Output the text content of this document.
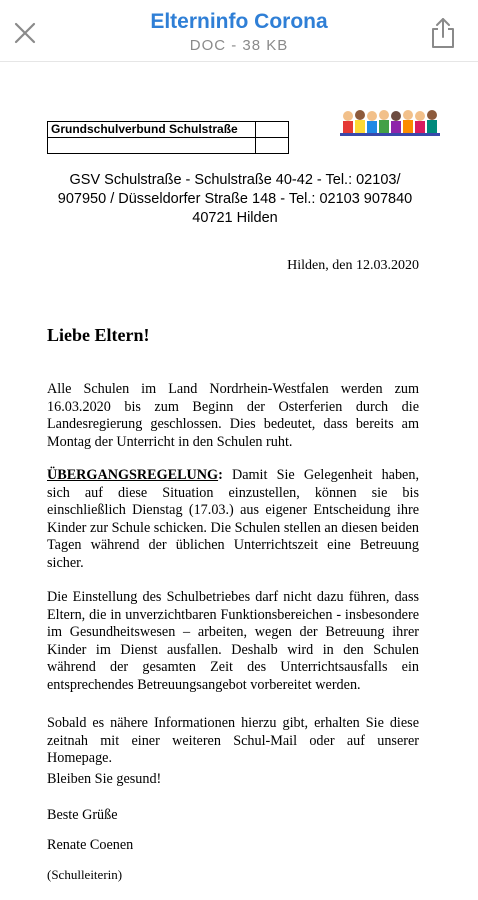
Elterninfo Corona
DOC - 38 KB
Grundschulverbund Schulstraße	

GSV Schulstraße - Schulstraße 40-42 - Tel.: 02103/ 907950 / Düsseldorfer Straße 148 - Tel.: 02103 907840 40721 Hilden
Hilden, den 12.03.2020
Liebe Eltern!
Alle Schulen im Land Nordrhein-Westfalen werden zum 16.03.2020 bis zum Beginn der Osterferien durch die Landesregierung geschlossen. Dies bedeutet, dass bereits am Montag der Unterricht in den Schulen ruht.
ÜBERGANGSREGELUNG: Damit Sie Gelegenheit haben, sich auf diese Situation einzustellen, können sie bis einschließlich Dienstag (17.03.) aus eigener Entscheidung ihre Kinder zur Schule schicken. Die Schulen stellen an diesen beiden Tagen während der üblichen Unterrichtszeit eine Betreuung sicher.
Die Einstellung des Schulbetriebes darf nicht dazu führen, dass Eltern, die in unverzichtbaren Funktionsbereichen - insbesondere im Gesundheitswesen – arbeiten, wegen der Betreuung ihrer Kinder im Dienst ausfallen. Deshalb wird in den Schulen während der gesamten Zeit des Unterrichtsausfalls ein entsprechendes Betreuungsangebot vorbereitet werden.
Sobald es nähere Informationen hierzu gibt, erhalten Sie diese zeitnah mit einer weiteren Schul-Mail oder auf unserer Homepage.
Bleiben Sie gesund!
Beste Grüße
Renate Coenen
(Schulleiterin)
